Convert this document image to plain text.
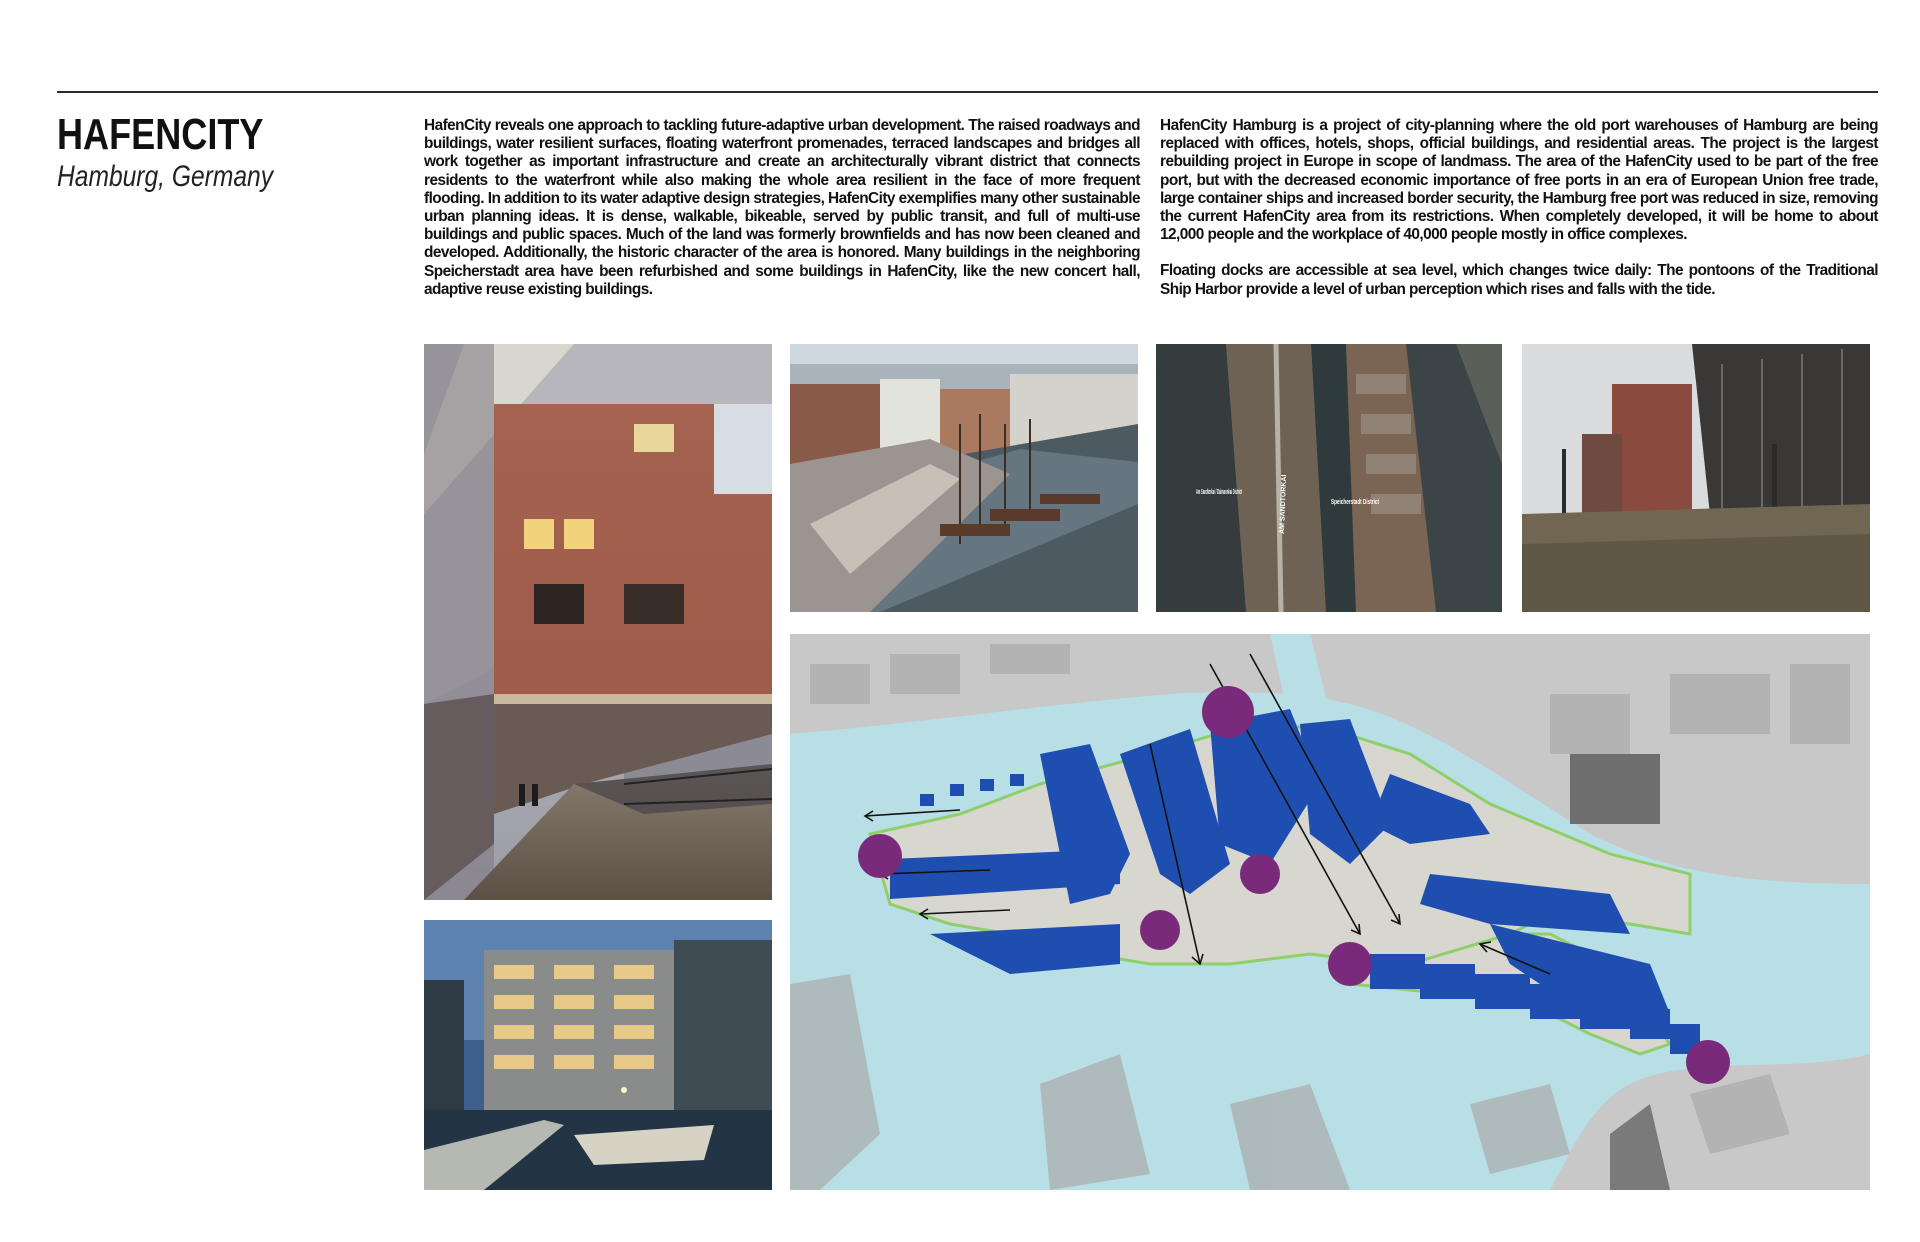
HAFENCITY
Hamburg, Germany

HafenCity reveals one approach to tackling future-adaptive urban development. The raised roadways and buildings, water resilient surfaces, floating waterfront promenades, terraced landscapes and bridges all work together as important infrastructure and create an architecturally vibrant district that connects residents to the waterfront while also making the whole area resilient in the face of more frequent flooding. In addition to its water adaptive design strategies, HafenCity exemplifies many other sustainable urban planning ideas. It is dense, walkable, bikeable, served by public transit, and full of multi-use buildings and public spaces. Much of the land was formerly brownfields and has now been cleaned and developed. Additionally, the historic character of the area is honored. Many buildings in the neighboring Speicherstadt area have been refurbished and some buildings in HafenCity, like the new concert hall, adaptive reuse existing buildings.

HafenCity Hamburg is a project of city-planning where the old port warehouses of Hamburg are being replaced with offices, hotels, shops, official buildings, and residential areas. The project is the largest rebuilding project in Europe in scope of landmass. The area of the HafenCity used to be part of the free port, but with the decreased economic importance of free ports in an era of European Union free trade, large container ships and increased border security, the Hamburg free port was reduced in size, removing the current HafenCity area from its restrictions. When completely developed, it will be home to about 12,000 people and the workplace of 40,000 people mostly in office complexes.

Floating docks are accessible at sea level, which changes twice daily: The pontoons of the Traditional Ship Harbor provide a level of urban perception which rises and falls with the tide.

Am Sandtorkai / Dalmannkai District
Speicherstadt District
AM SANDTORKAI
